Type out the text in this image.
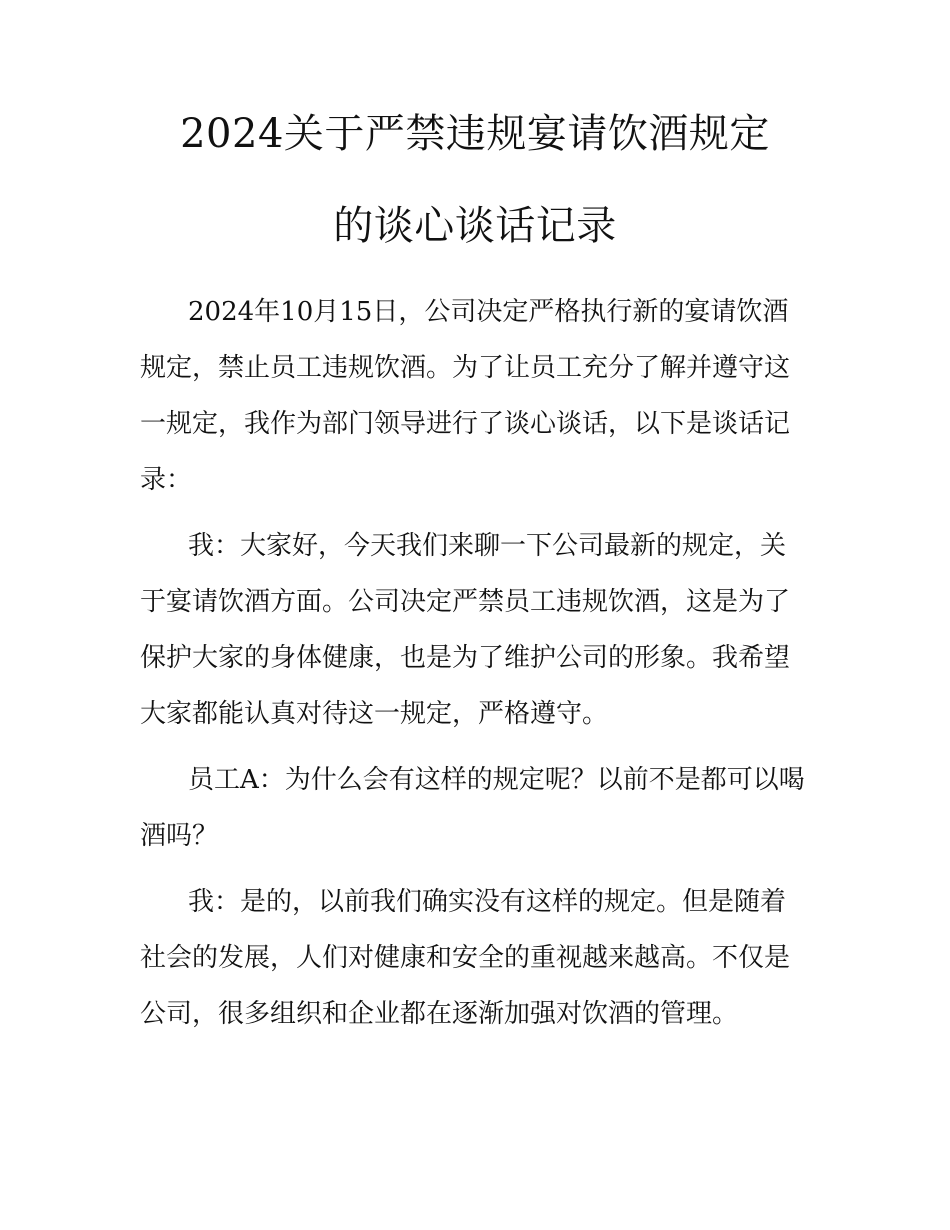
2024关于严禁违规宴请饮酒规定
的谈心谈话记录

2024年10月15日，公司决定严格执行新的宴请饮酒规定，禁止员工违规饮酒。为了让员工充分了解并遵守这一规定，我作为部门领导进行了谈心谈话，以下是谈话记录：

我：大家好，今天我们来聊一下公司最新的规定，关于宴请饮酒方面。公司决定严禁员工违规饮酒，这是为了保护大家的身体健康，也是为了维护公司的形象。我希望大家都能认真对待这一规定，严格遵守。

员工A：为什么会有这样的规定呢？以前不是都可以喝酒吗？

我：是的，以前我们确实没有这样的规定。但是随着社会的发展，人们对健康和安全的重视越来越高。不仅是公司，很多组织和企业都在逐渐加强对饮酒的管理。
